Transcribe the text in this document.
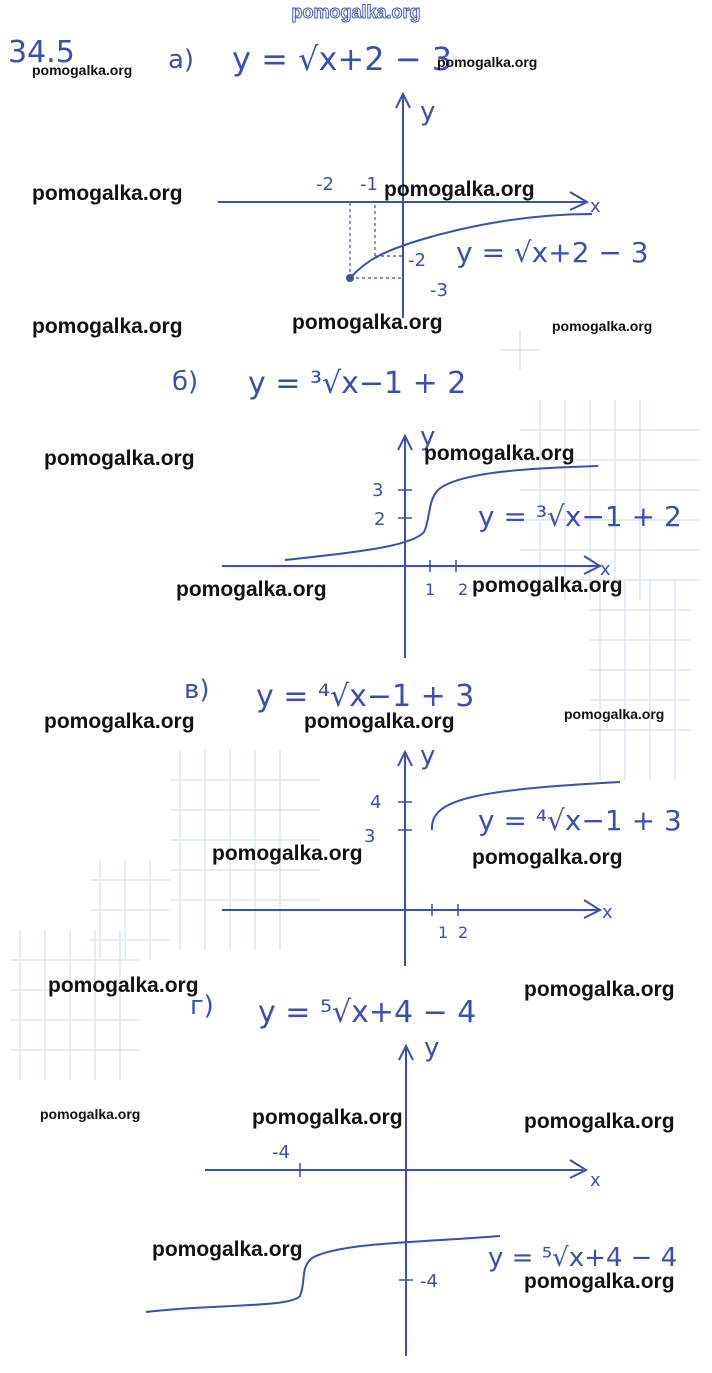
pomogalka.org
34.5	а) y = √x+2 − 3
y
x
-2 -1
-2
-3
y = √x+2 − 3
б) y = ³√x−1 + 2
y
x
3
2
1 2
y = ³√x−1 + 2
в) y = ⁴√x−1 + 3
y
x
4
3
1 2
y = ⁴√x−1 + 3
г) y = ⁵√x+4 − 4
y
x
-4
-4
y = ⁵√x+4 − 4
pomogalka.org	pomogalka.org
pomogalka.org	pomogalka.org
pomogalka.org	pomogalka.org	pomogalka.org
pomogalka.org	pomogalka.org
pomogalka.org	pomogalka.org
pomogalka.org	pomogalka.org	pomogalka.org
pomogalka.org	pomogalka.org
pomogalka.org	pomogalka.org
pomogalka.org	pomogalka.org	pomogalka.org
pomogalka.org
pomogalka.org
